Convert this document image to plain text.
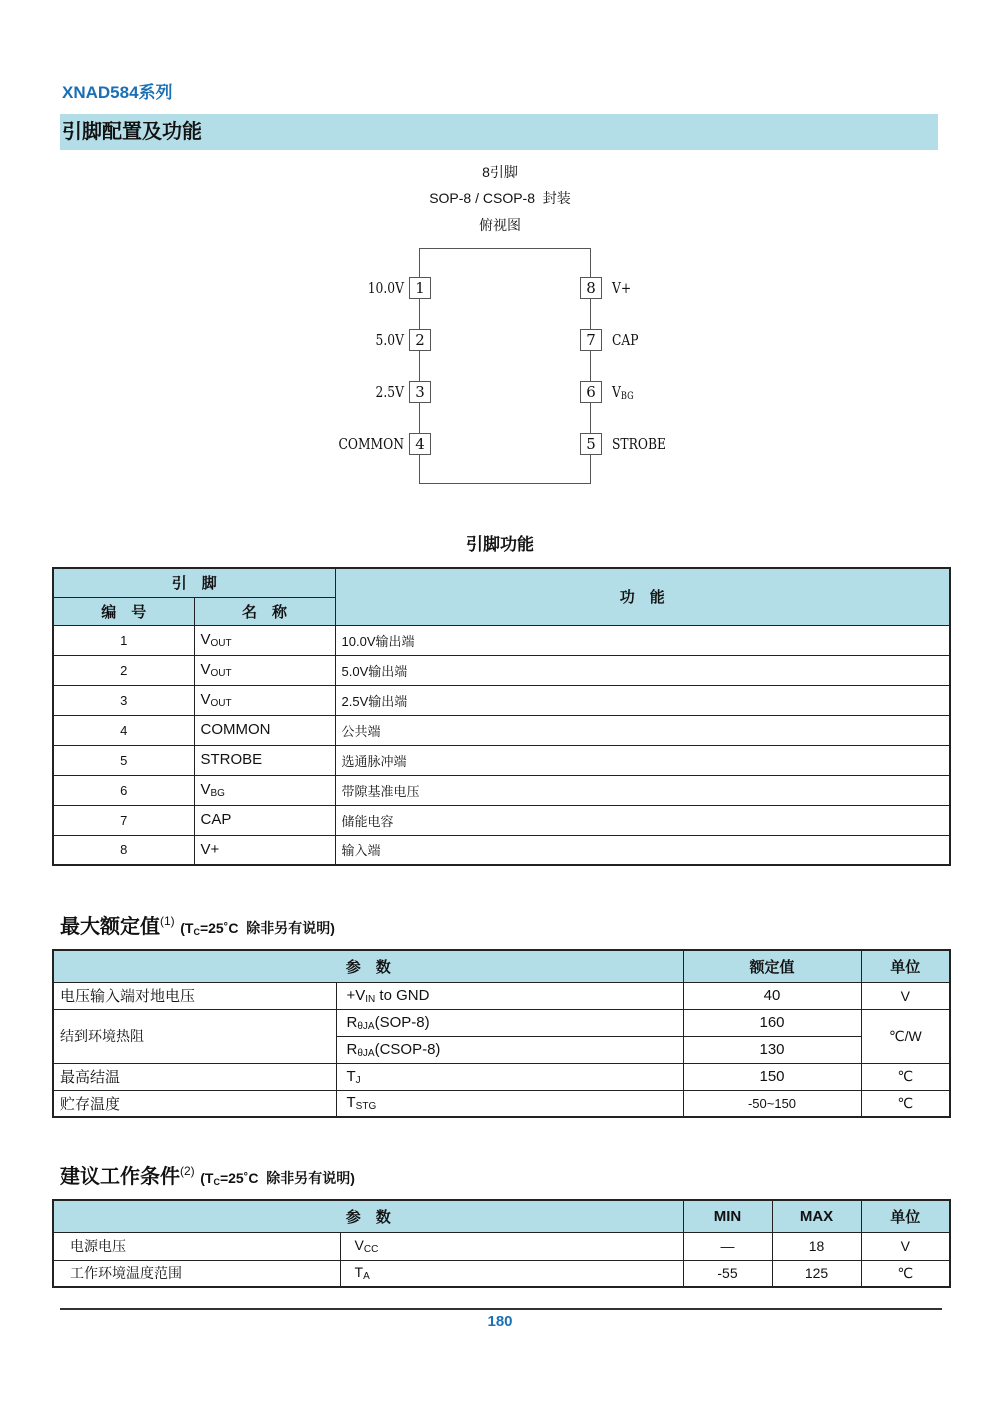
XNAD584系列
引脚配置及功能
8引脚
SOP-8 / CSOP-8  封装
俯视图
10.0V 1
5.0V 2
2.5V 3
COMMON 4
8	V+
7	CAP
6	$V_{BG}$
5	STROBE
引脚功能
引　脚		功　能
编　号	名　称	
1	$V_{OUT}$	10.0V输出端
2	$V_{OUT}$	5.0V输出端
3	$V_{OUT}$	2.5V输出端
4	COMMON	公共端
5	STROBE	选通脉冲端
6	$V_{BG}$	带隙基准电压
7	CAP	储能电容
8	V+	输入端
最大额定值$^{(1)}$ ($T_C=25˚C$  除非另有说明)
参　数		额定值	单位
电压输入端对地电压	$+V_{IN}$ to GND	40	V
结到环境热阻	$R_{\theta JA}(SOP-8)$	160	℃/W
	$R_{\theta JA}(CSOP-8)$	130	
最高结温	$T_J$	150	℃
贮存温度	$T_{STG}$	-50~150	℃
建议工作条件$^{(2)}$ ($T_C=25˚C$  除非另有说明)
参　数		MIN	MAX	单位
电源电压	$V_{CC}$	—	18	V
工作环境温度范围	$T_A$	-55	125	℃
180
